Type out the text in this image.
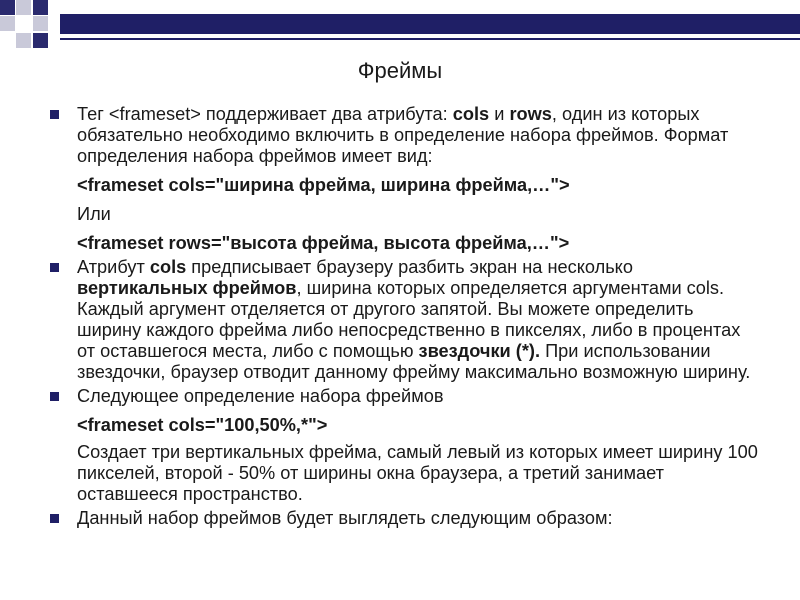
Фреймы

Тег <frameset> поддерживает два атрибута: cols и rows, один из которых обязательно необходимо включить в определение набора фреймов. Формат определения набора фреймов имеет вид:

<frameset cols="ширина фрейма, ширина фрейма,…">
Или
<frameset rows="высота фрейма, высота фрейма,…">

Атрибут cols предписывает браузеру разбить экран на несколько вертикальных фреймов, ширина которых определяется аргументами cols. Каждый аргумент отделяется от другого запятой. Вы можете определить ширину каждого фрейма либо непосредственно в пикселях, либо в процентах от оставшегося места, либо с помощью звездочки (*). При использовании звездочки, браузер отводит данному фрейму максимально возможную ширину.

Следующее определение набора фреймов

<frameset cols="100,50%,*">
Создает три вертикальных фрейма, самый левый из которых имеет ширину 100 пикселей, второй - 50% от ширины окна браузера, а третий занимает оставшееся пространство.

Данный набор фреймов будет выглядеть следующим образом:
